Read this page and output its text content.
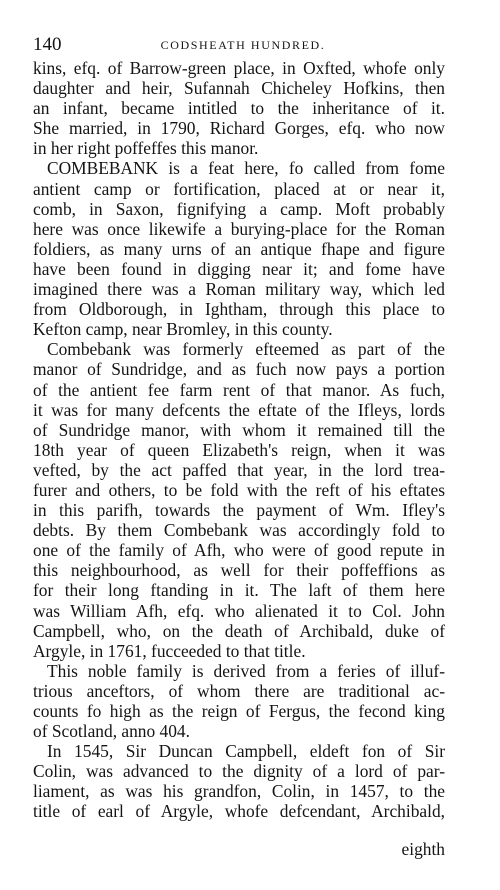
140	CODSHEATH HUNDRED.
kins, efq. of Barrow-green place, in Oxfted, whofe only
daughter and heir, Sufannah Chicheley Hofkins, then
an infant, became intitled to the inheritance of it.
She married, in 1790, Richard Gorges, efq. who now
in her right poffeffes this manor.
COMBEBANK is a feat here, fo called from fome
antient camp or fortification, placed at or near it,
comb, in Saxon, fignifying a camp. Moft probably
here was once likewife a burying-place for the Roman
foldiers, as many urns of an antique fhape and figure
have been found in digging near it; and fome have
imagined there was a Roman military way, which led
from Oldborough, in Ightham, through this place to
Kefton camp, near Bromley, in this county.
Combebank was formerly efteemed as part of the
manor of Sundridge, and as fuch now pays a portion
of the antient fee farm rent of that manor. As fuch,
it was for many defcents the eftate of the Ifleys, lords
of Sundridge manor, with whom it remained till the
18th year of queen Elizabeth's reign, when it was
vefted, by the act paffed that year, in the lord trea-
furer and others, to be fold with the reft of his eftates
in this parifh, towards the payment of Wm. Ifley's
debts. By them Combebank was accordingly fold to
one of the family of Afh, who were of good repute in
this neighbourhood, as well for their poffeffions as
for their long ftanding in it. The laft of them here
was William Afh, efq. who alienated it to Col. John
Campbell, who, on the death of Archibald, duke of
Argyle, in 1761, fucceeded to that title.
This noble family is derived from a feries of illuf-
trious anceftors, of whom there are traditional ac-
counts fo high as the reign of Fergus, the fecond king
of Scotland, anno 404.
In 1545, Sir Duncan Campbell, eldeft fon of Sir
Colin, was advanced to the dignity of a lord of par-
liament, as was his grandfon, Colin, in 1457, to the
title of earl of Argyle, whofe defcendant, Archibald,
eighth
